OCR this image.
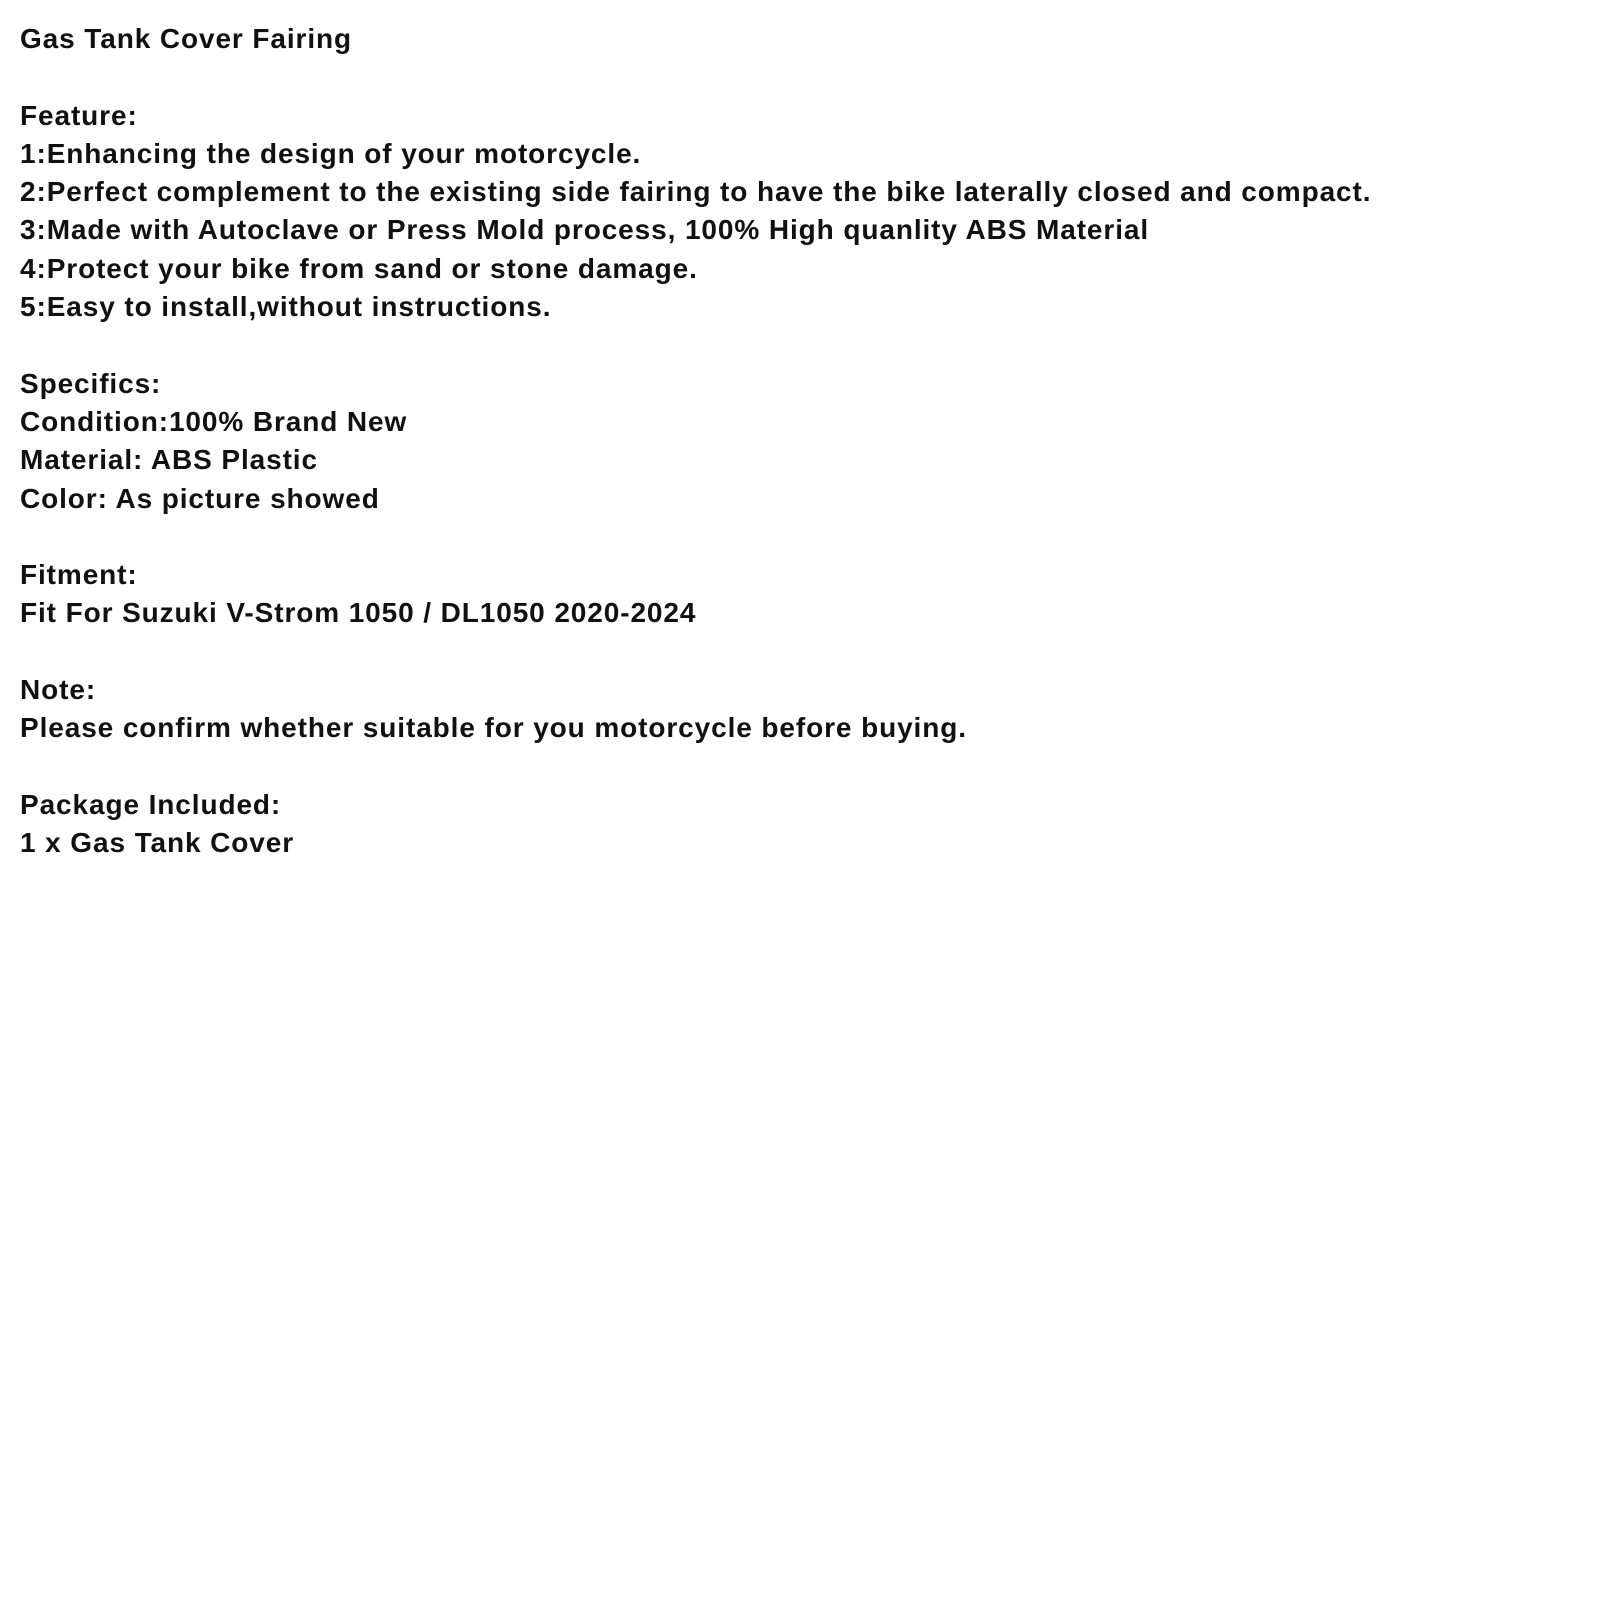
Gas Tank Cover Fairing

Feature:

1:Enhancing the design of your motorcycle.

2:Perfect complement to the existing side fairing to have the bike laterally closed and compact.

3:Made with Autoclave or Press Mold process, 100% High quanlity ABS Material

4:Protect your bike from sand or stone damage.

5:Easy to install,without instructions.

Specifics:

Condition:100% Brand New

Material: ABS Plastic

Color: As picture showed

Fitment:

Fit For Suzuki V-Strom 1050 / DL1050 2020-2024

Note:

Please confirm whether suitable for you motorcycle before buying.

Package Included:

1 x Gas Tank Cover
